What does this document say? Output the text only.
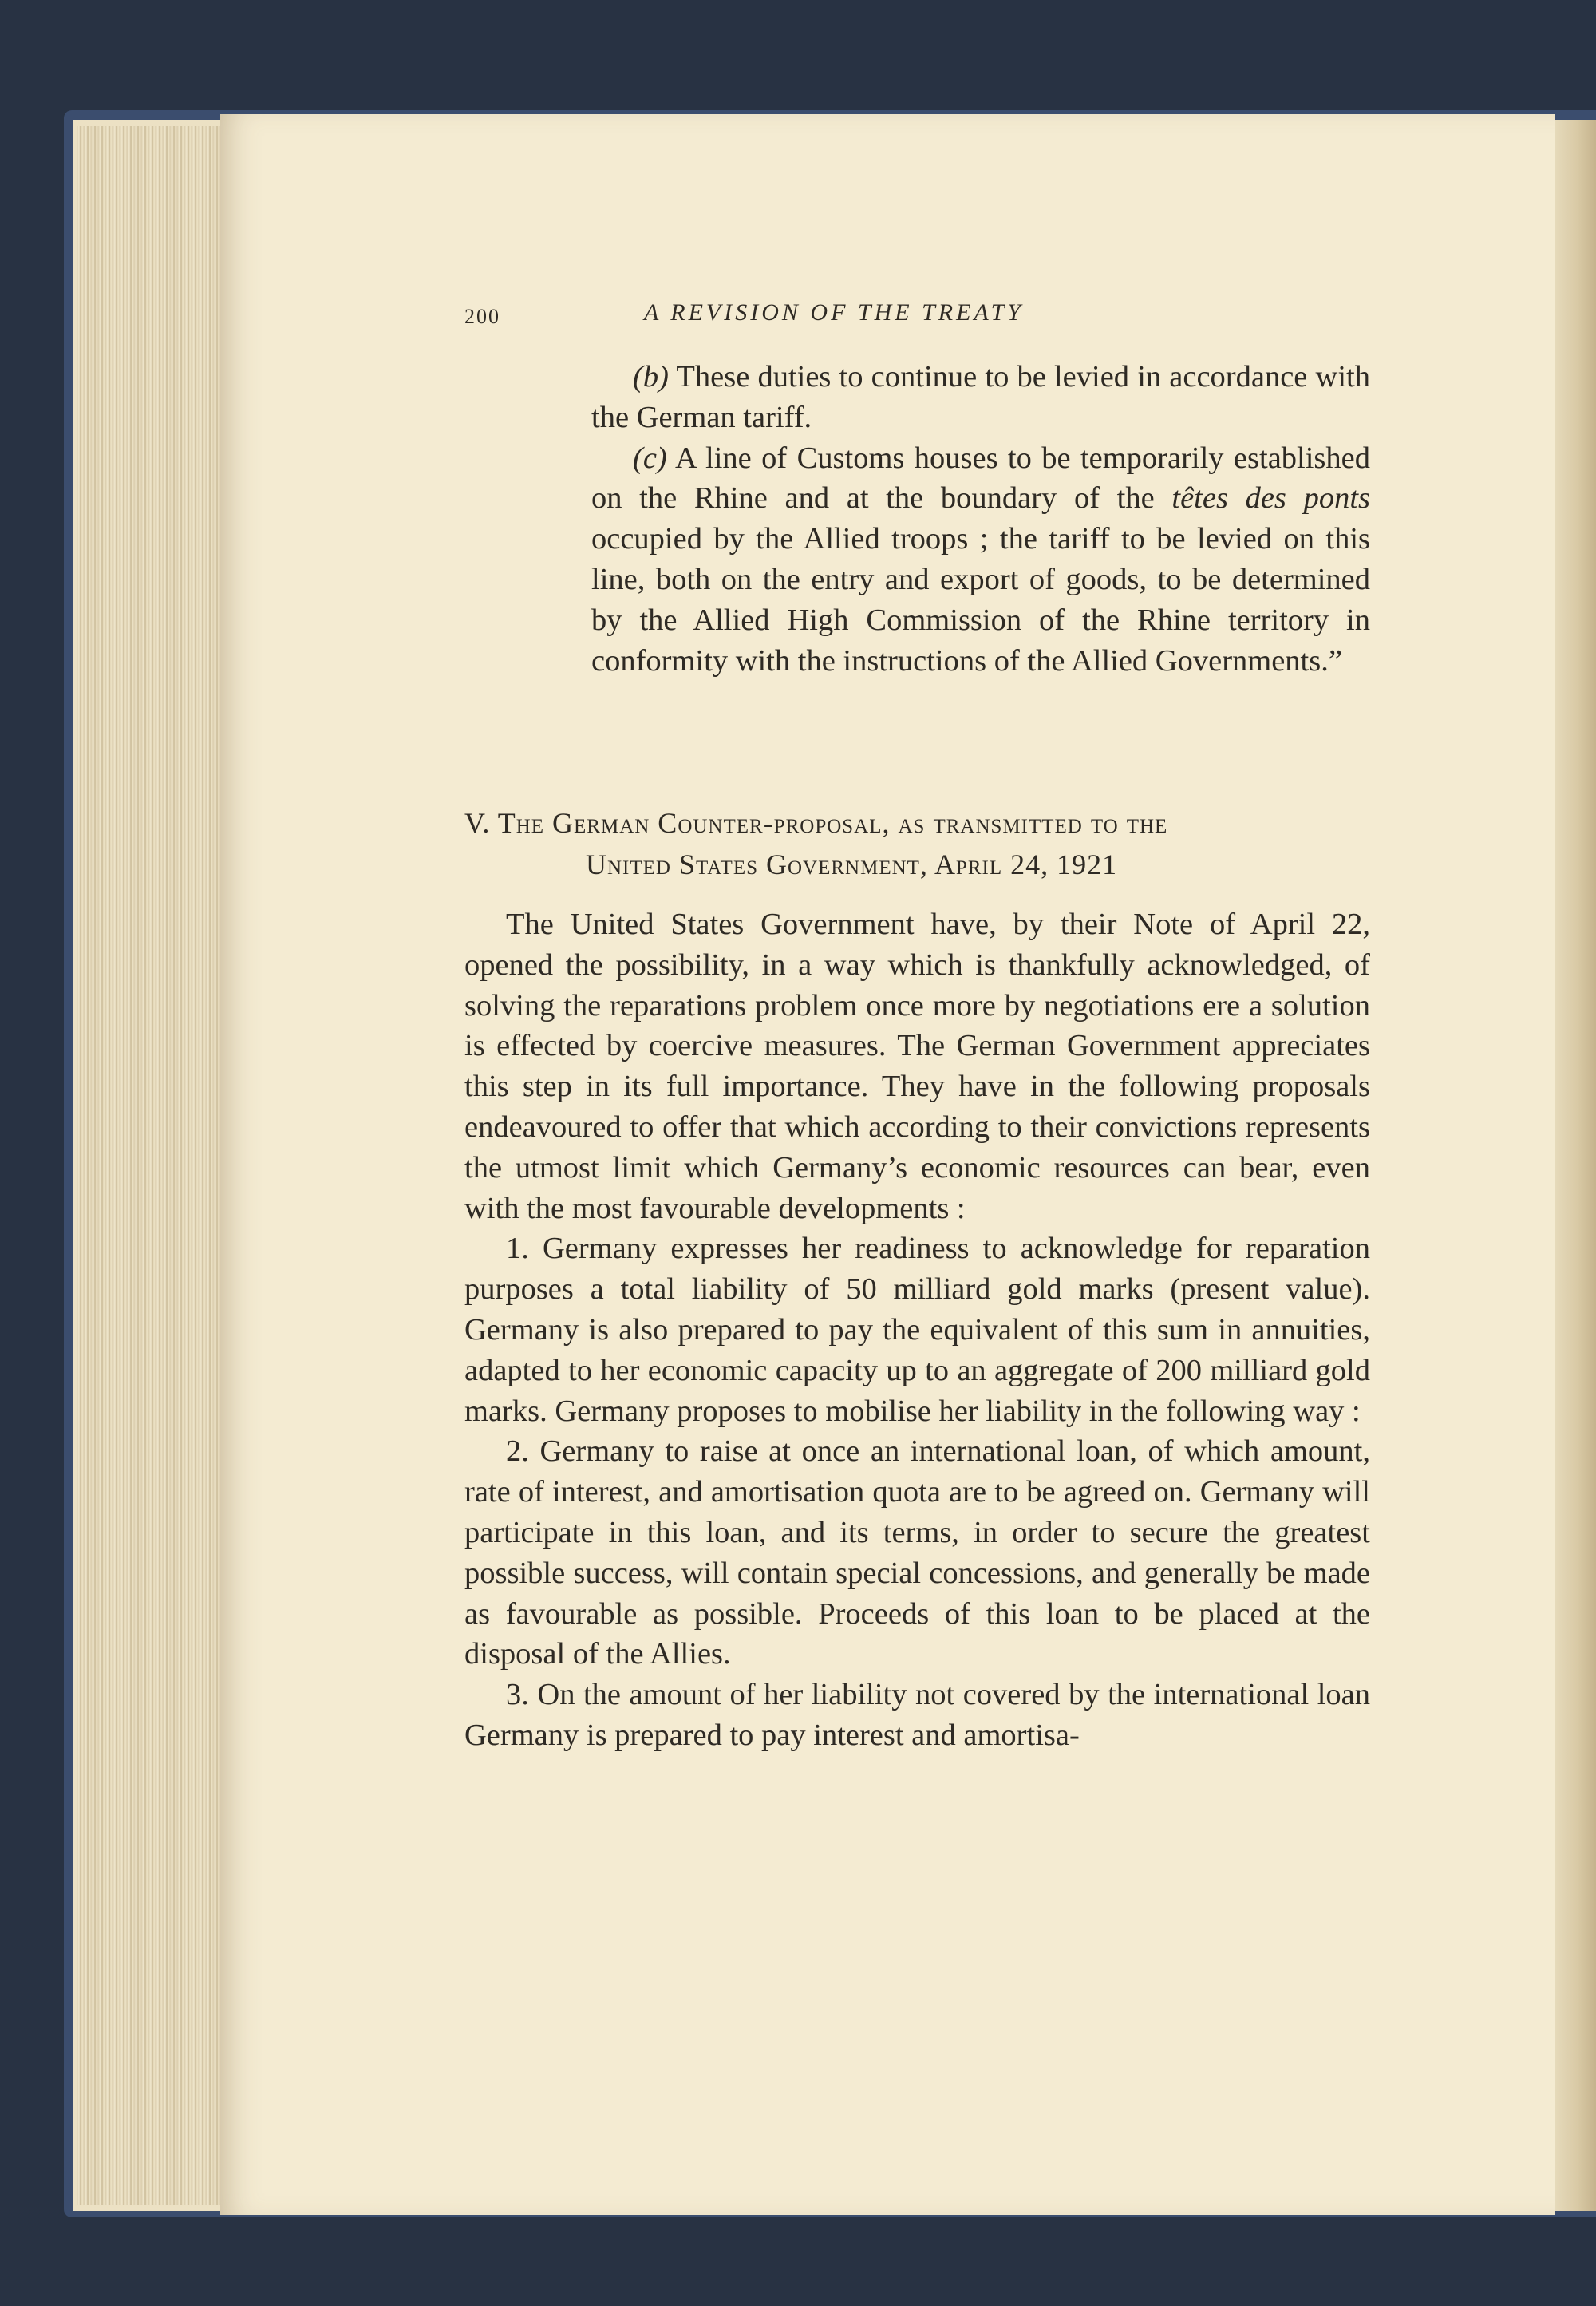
200	A REVISION OF THE TREATY

(b) These duties to continue to be levied in accordance with the German tariff.

(c) A line of Customs houses to be temporarily established on the Rhine and at the boundary of the têtes des ponts occupied by the Allied troops ; the tariff to be levied on this line, both on the entry and export of goods, to be determined by the Allied High Commission of the Rhine territory in conformity with the instructions of the Allied Governments.”

V. The German Counter-proposal, as transmitted to the
United States Government, April 24, 1921

The United States Government have, by their Note of April 22, opened the possibility, in a way which is thankfully acknowledged, of solving the reparations problem once more by negotiations ere a solution is effected by coercive measures. The German Government appreciates this step in its full importance. They have in the following proposals endeavoured to offer that which according to their convictions represents the utmost limit which Germany’s economic resources can bear, even with the most favourable developments :

1. Germany expresses her readiness to acknowledge for reparation purposes a total liability of 50 milliard gold marks (present value). Germany is also prepared to pay the equivalent of this sum in annuities, adapted to her economic capacity up to an aggregate of 200 milliard gold marks. Germany proposes to mobilise her liability in the following way :

2. Germany to raise at once an international loan, of which amount, rate of interest, and amortisation quota are to be agreed on. Germany will participate in this loan, and its terms, in order to secure the greatest possible success, will contain special concessions, and generally be made as favourable as possible. Proceeds of this loan to be placed at the disposal of the Allies.

3. On the amount of her liability not covered by the international loan Germany is prepared to pay interest and amortisa-
